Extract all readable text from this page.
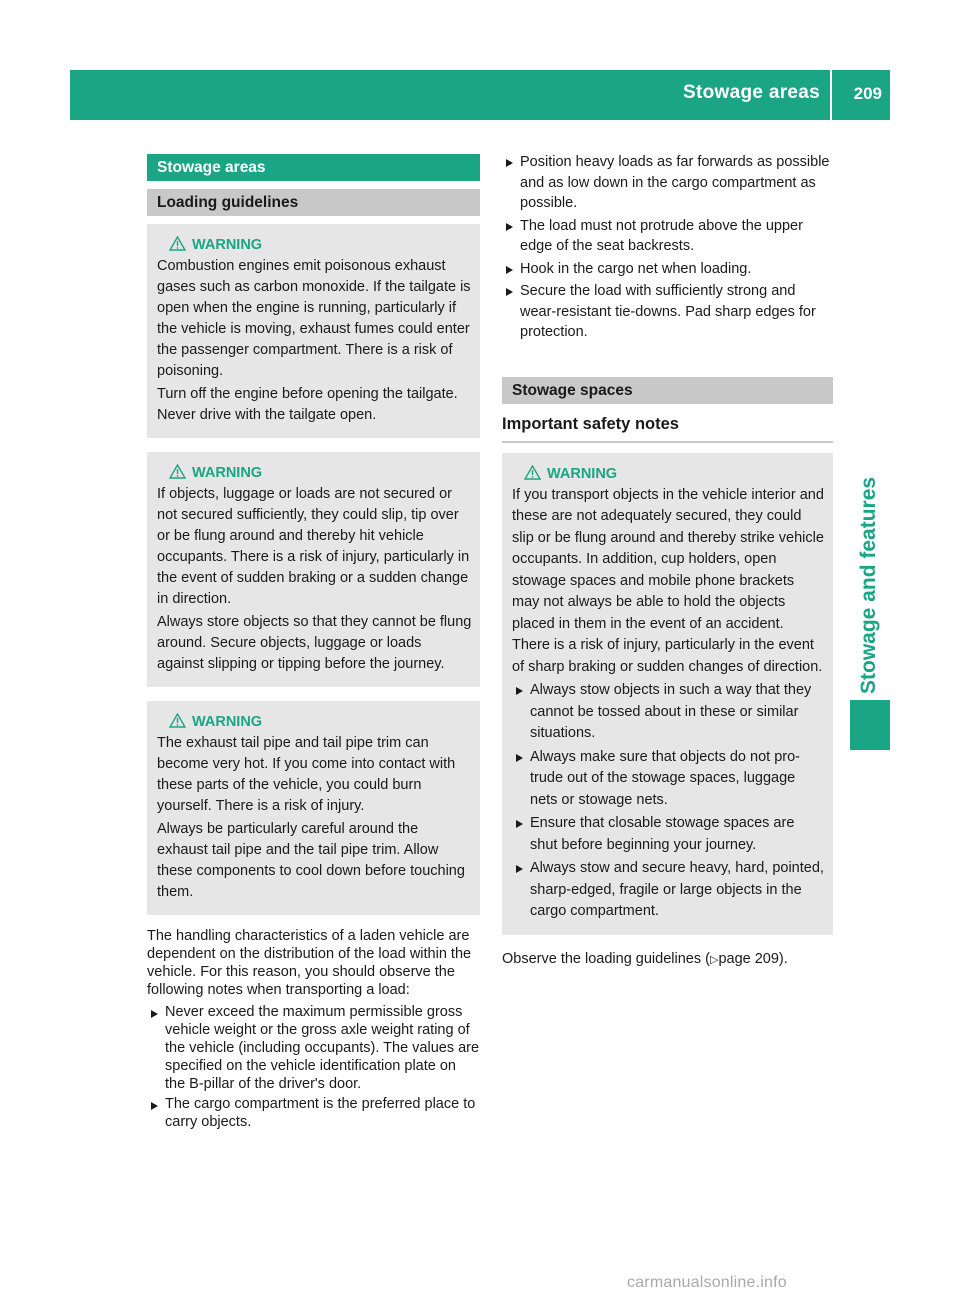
Stowage areas 209
Stowage and features
Stowage areas
Loading guidelines
WARNING

Combustion engines emit poisonous exhaust gases such as carbon monoxide. If the tailgate is open when the engine is running, particularly if the vehicle is moving, exhaust fumes could enter the passenger compartment. There is a risk of poisoning.

Turn off the engine before opening the tailgate. Never drive with the tailgate open.

WARNING

If objects, luggage or loads are not secured or not secured sufficiently, they could slip, tip over or be flung around and thereby hit vehicle occupants. There is a risk of injury, particularly in the event of sudden braking or a sudden change in direction.

Always store objects so that they cannot be flung around. Secure objects, luggage or loads against slipping or tipping before the journey.

WARNING

The exhaust tail pipe and tail pipe trim can become very hot. If you come into contact with these parts of the vehicle, you could burn yourself. There is a risk of injury.

Always be particularly careful around the exhaust tail pipe and the tail pipe trim. Allow these components to cool down before touching them.

The handling characteristics of a laden vehicle are dependent on the distribution of the load within the vehicle. For this reason, you should observe the following notes when transporting a load:

Never exceed the maximum permissible gross vehicle weight or the gross axle weight rating of the vehicle (including occupants). The values are specified on the vehicle identification plate on the B-pillar of the driver's door.
The cargo compartment is the preferred place to carry objects.
Position heavy loads as far forwards as possible and as low down in the cargo compartment as possible.
The load must not protrude above the upper edge of the seat backrests.
Hook in the cargo net when loading.
Secure the load with sufficiently strong and wear-resistant tie-downs. Pad sharp edges for protection.
Stowage spaces
Important safety notes
WARNING

If you transport objects in the vehicle interior and these are not adequately secured, they could slip or be flung around and thereby strike vehicle occupants. In addition, cup holders, open stowage spaces and mobile phone brackets may not always be able to hold the objects placed in them in the event of an accident. There is a risk of injury, particularly in the event of sharp braking or sudden changes of direction.

Always stow objects in such a way that they cannot be tossed about in these or similar situations.
Always make sure that objects do not protrude out of the stowage spaces, luggage nets or stowage nets.
Ensure that closable stowage spaces are shut before beginning your journey.
Always stow and secure heavy, hard, pointed, sharp-edged, fragile or large objects in the cargo compartment.

Observe the loading guidelines (▷page 209).

carmanualsonline.info
